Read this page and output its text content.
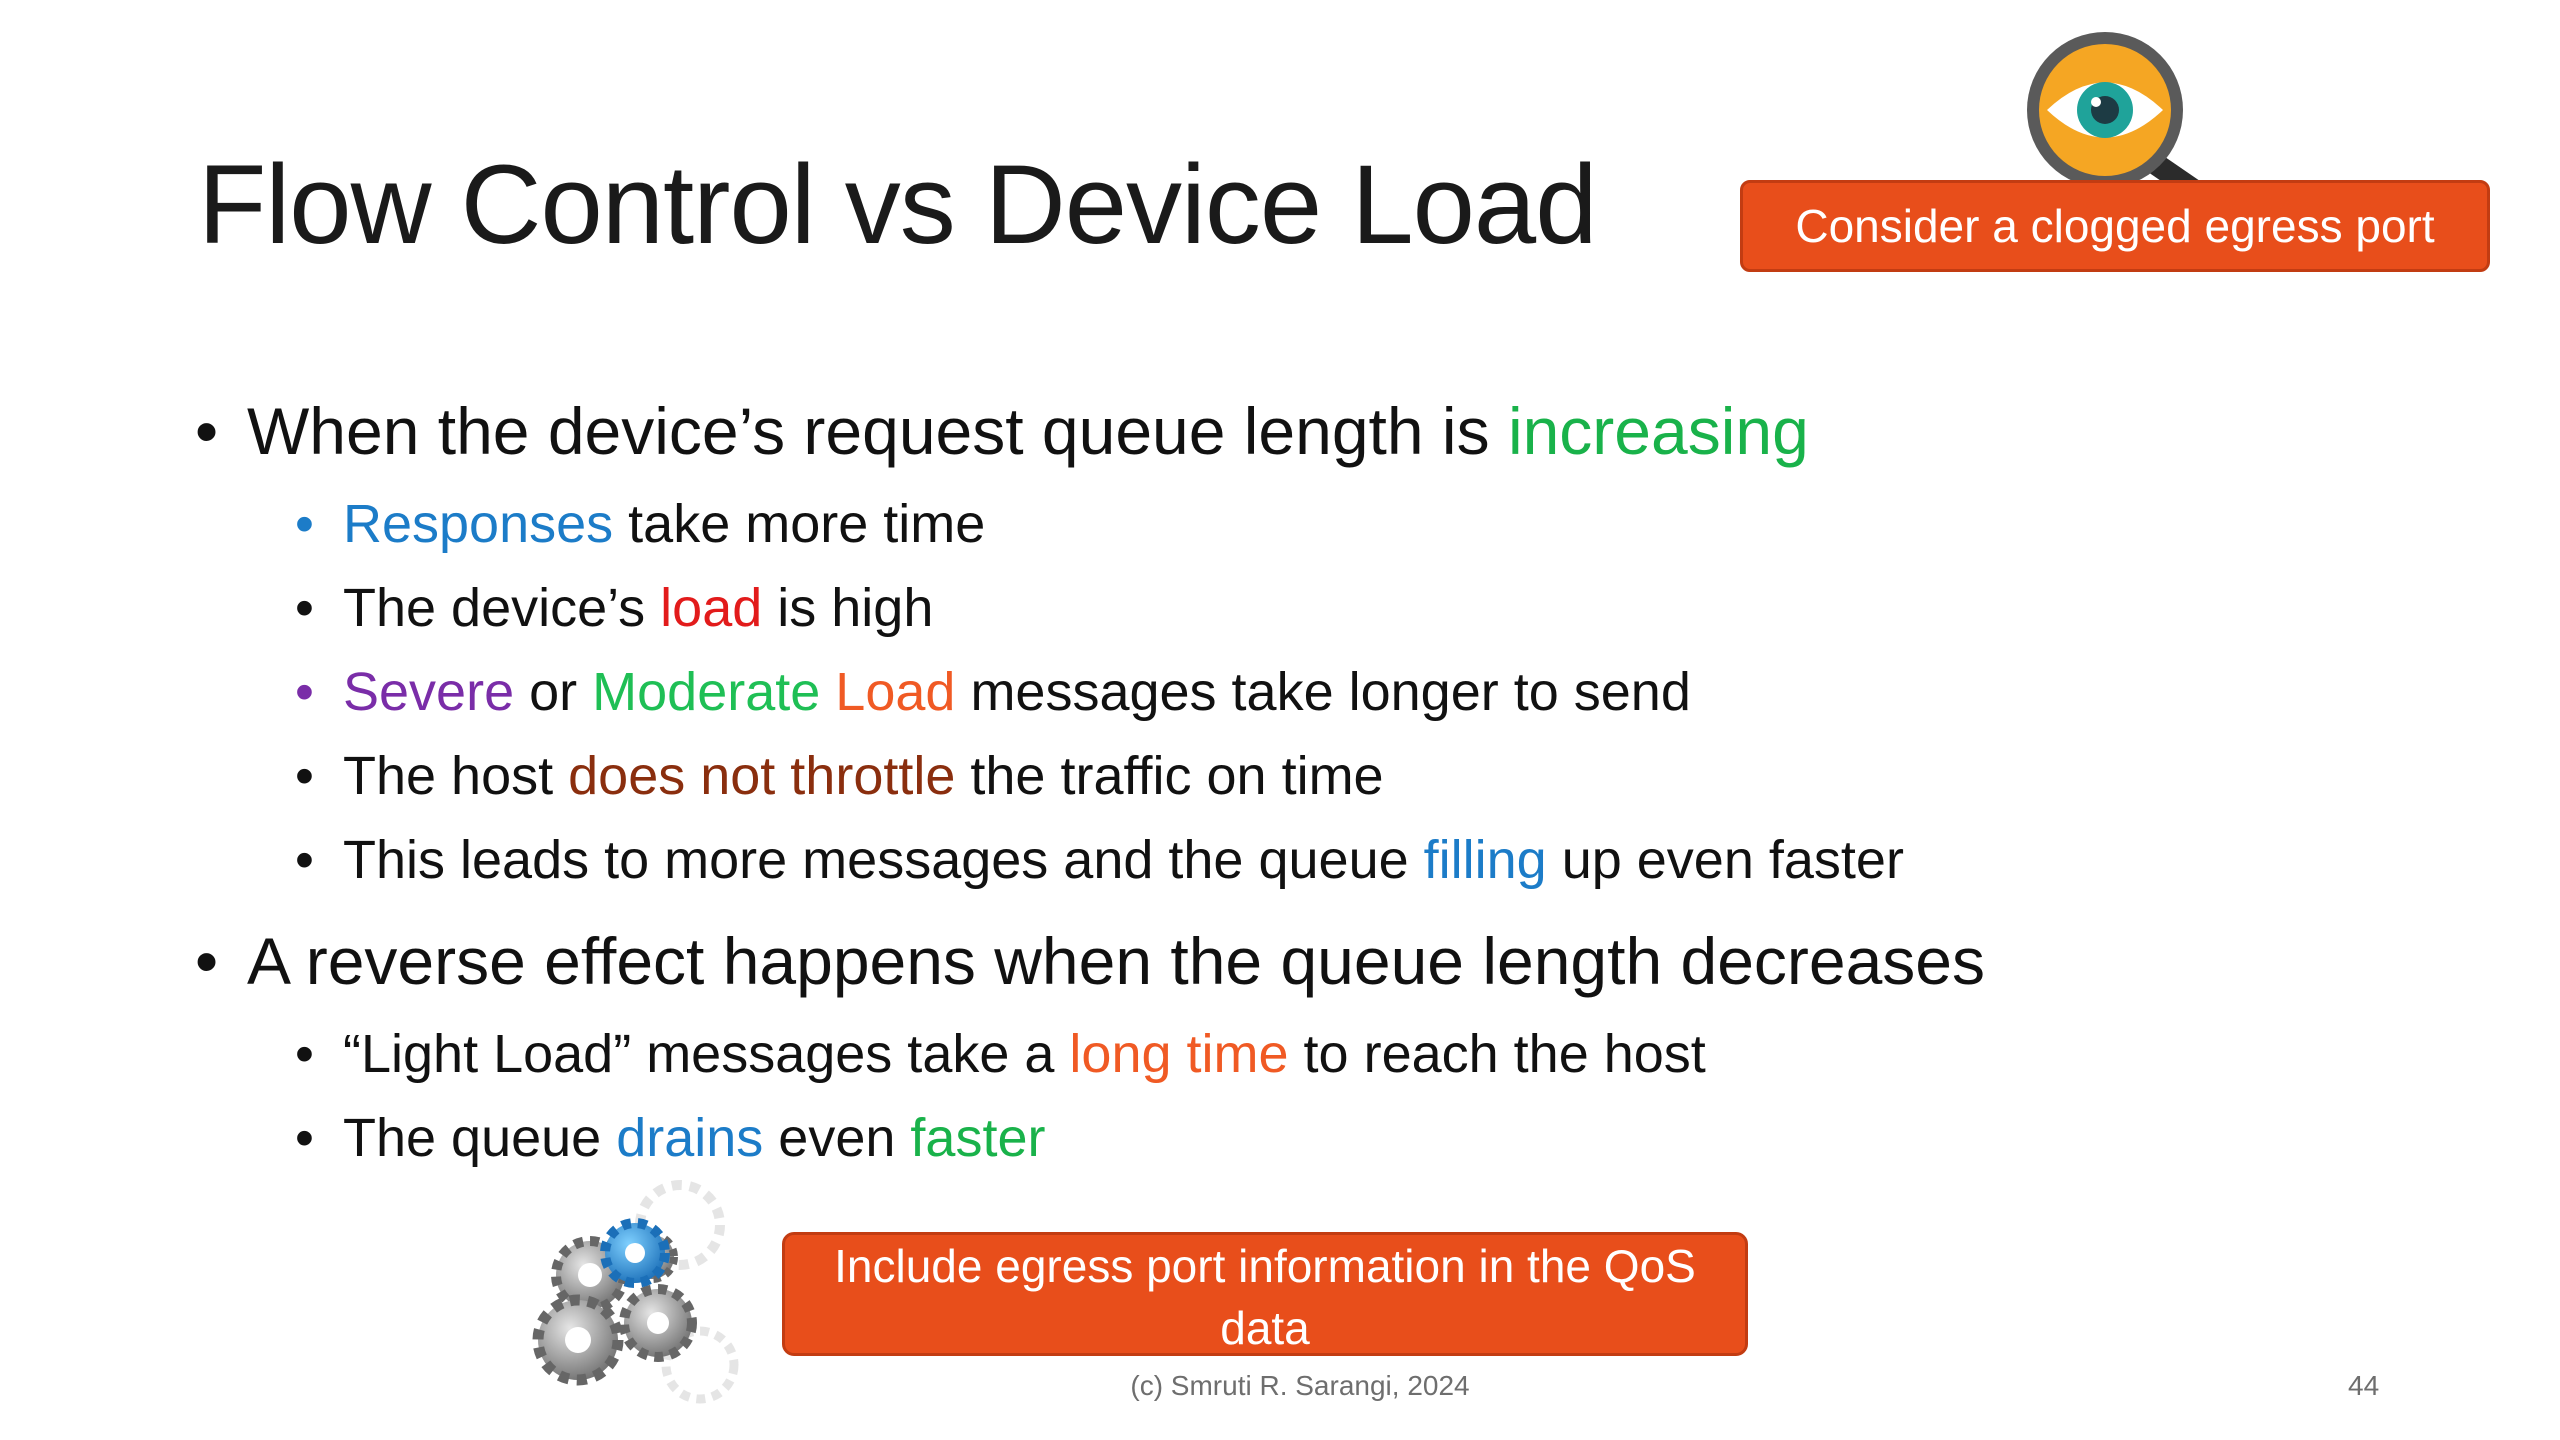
Flow Control vs Device Load	Consider a clogged egress port
• When the device’s request queue length is increasing
• Responses take more time
• The device’s load is high
• Severe or Moderate Load messages take longer to send
• The host does not throttle the traffic on time
• This leads to more messages and the queue filling up even faster
• A reverse effect happens when the queue length decreases
• “Light Load” messages take a long time to reach the host
• The queue drains even faster
Include egress port information in the QoS data
(c) Smruti R. Sarangi, 2024	44
